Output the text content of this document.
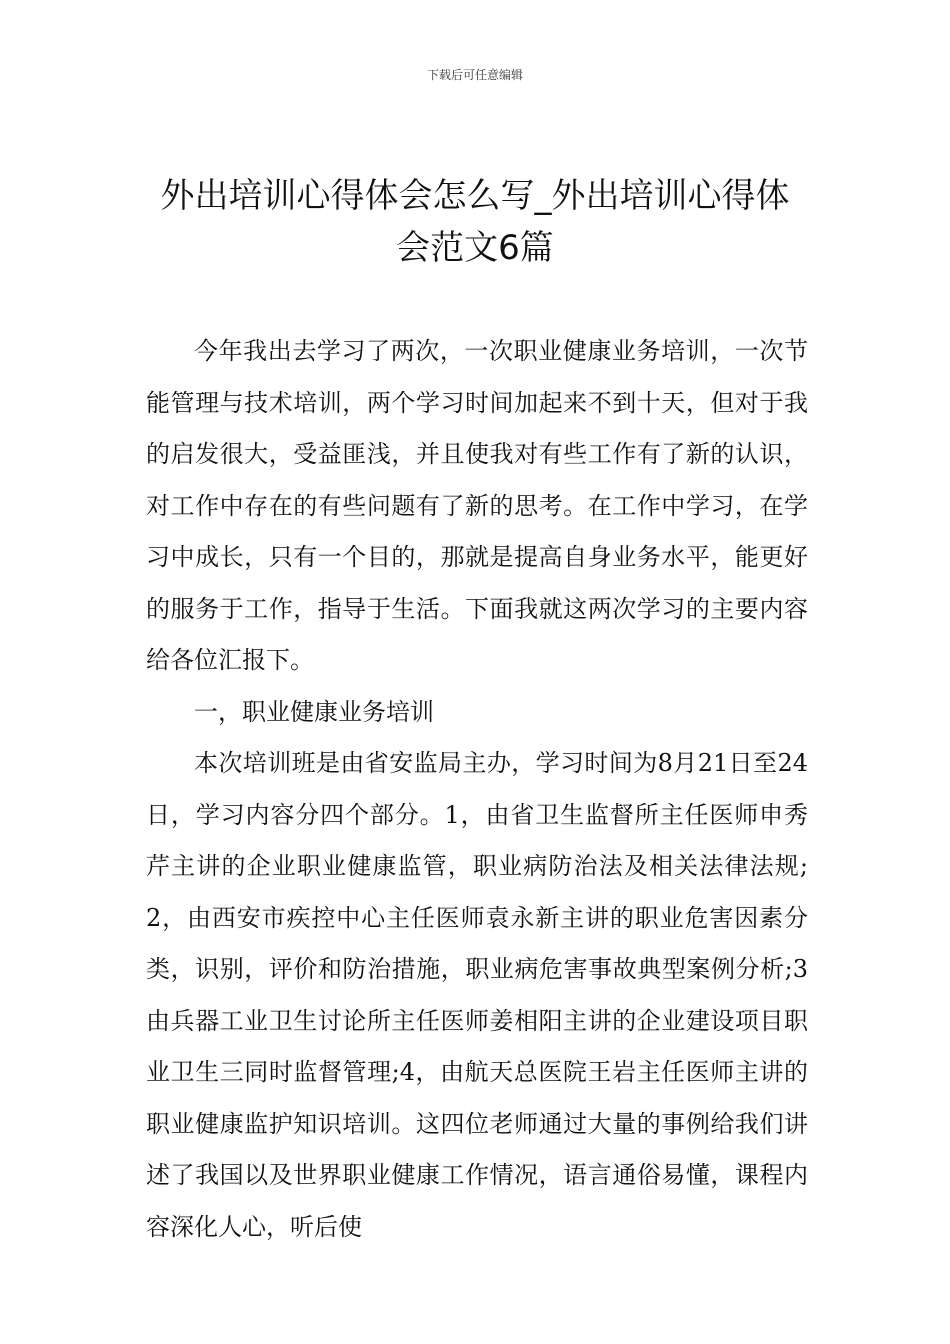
下载后可任意编辑
外出培训心得体会怎么写_外出培训心得体
会范文6篇

今年我出去学习了两次，一次职业健康业务培训，一次节能管理与技术培训，两个学习时间加起来不到十天，但对于我的启发很大，受益匪浅，并且使我对有些工作有了新的认识，对工作中存在的有些问题有了新的思考。在工作中学习，在学习中成长，只有一个目的，那就是提高自身业务水平，能更好的服务于工作，指导于生活。下面我就这两次学习的主要内容给各位汇报下。

一，职业健康业务培训

本次培训班是由省安监局主办，学习时间为8月21日至24日，学习内容分四个部分。1，由省卫生监督所主任医师申秀芹主讲的企业职业健康监管，职业病防治法及相关法律法规;2，由西安市疾控中心主任医师袁永新主讲的职业危害因素分类，识别，评价和防治措施，职业病危害事故典型案例分析;3由兵器工业卫生讨论所主任医师姜相阳主讲的企业建设项目职业卫生三同时监督管理;4，由航天总医院王岩主任医师主讲的职业健康监护知识培训。这四位老师通过大量的事例给我们讲述了我国以及世界职业健康工作情况，语言通俗易懂，课程内容深化人心，听后使
